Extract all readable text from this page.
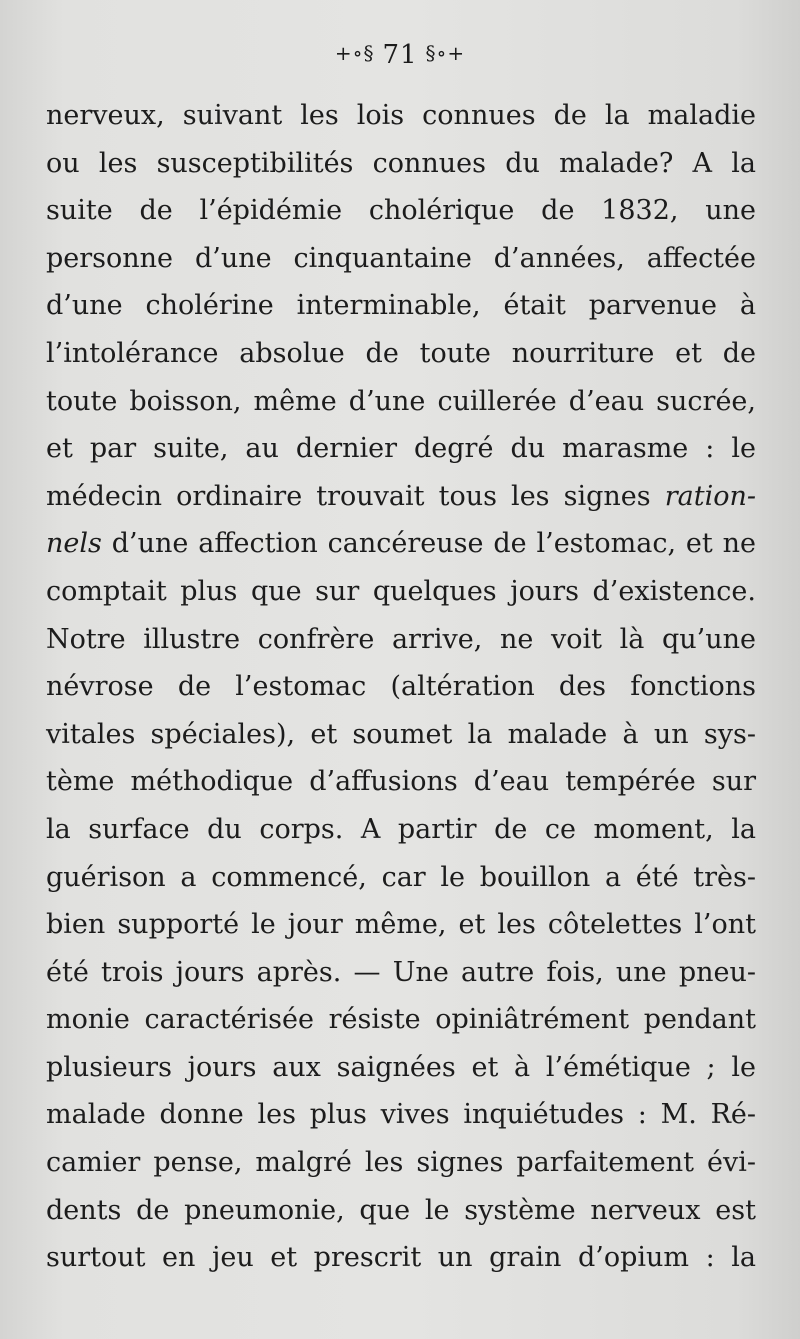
+∘§ 71 §∘+
nerveux, suivant les lois connues de la maladie
ou les susceptibilités connues du malade? A la
suite de l’épidémie cholérique de 1832, une
personne d’une cinquantaine d’années, affectée
d’une cholérine interminable, était parvenue à
l’intolérance absolue de toute nourriture et de
toute boisson, même d’une cuillerée d’eau sucrée,
et par suite, au dernier degré du marasme : le
médecin ordinaire trouvait tous les signes ration-
nels d’une affection cancéreuse de l’estomac, et ne
comptait plus que sur quelques jours d’existence.
Notre illustre confrère arrive, ne voit là qu’une
névrose de l’estomac (altération des fonctions
vitales spéciales), et soumet la malade à un sys-
tème méthodique d’affusions d’eau tempérée sur
la surface du corps. A partir de ce moment, la
guérison a commencé, car le bouillon a été très-
bien supporté le jour même, et les côtelettes l’ont
été trois jours après. — Une autre fois, une pneu-
monie caractérisée résiste opiniâtrément pendant
plusieurs jours aux saignées et à l’émétique ; le
malade donne les plus vives inquiétudes : M. Ré-
camier pense, malgré les signes parfaitement évi-
dents de pneumonie, que le système nerveux est
surtout en jeu et prescrit un grain d’opium : la
